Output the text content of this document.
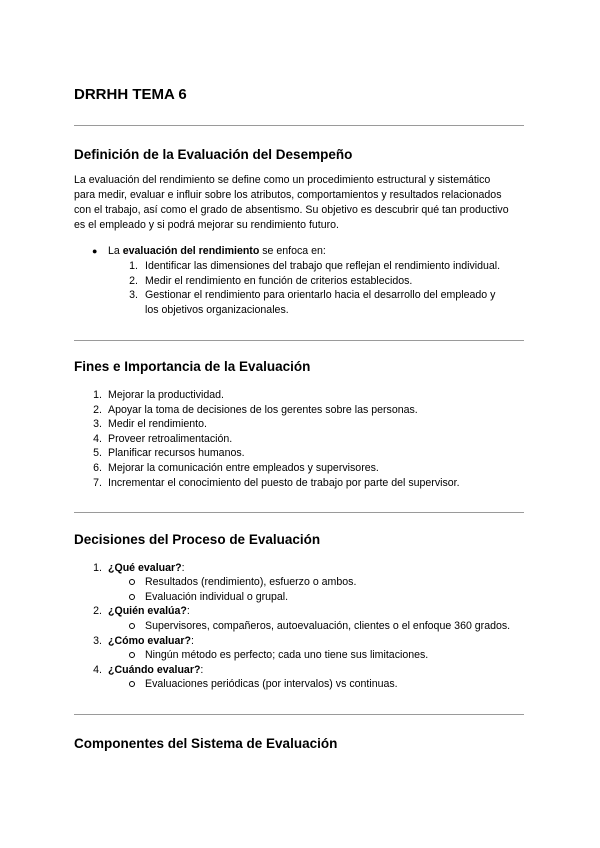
DRRHH TEMA 6
Definición de la Evaluación del Desempeño

La evaluación del rendimiento se define como un procedimiento estructural y sistemático
para medir, evaluar e influir sobre los atributos, comportamientos y resultados relacionados
con el trabajo, así como el grado de absentismo. Su objetivo es descubrir qué tan productivo
es el empleado y si podrá mejorar su rendimiento futuro.

● La evaluación del rendimiento se enfoca en:
1. Identificar las dimensiones del trabajo que reflejan el rendimiento individual.
2. Medir el rendimiento en función de criterios establecidos.
3. Gestionar el rendimiento para orientarlo hacia el desarrollo del empleado y
los objetivos organizacionales.
Fines e Importancia de la Evaluación
1. Mejorar la productividad.
2. Apoyar la toma de decisiones de los gerentes sobre las personas.
3. Medir el rendimiento.
4. Proveer retroalimentación.
5. Planificar recursos humanos.
6. Mejorar la comunicación entre empleados y supervisores.
7. Incrementar el conocimiento del puesto de trabajo por parte del supervisor.
Decisiones del Proceso de Evaluación
1. ¿Qué evaluar?:
Resultados (rendimiento), esfuerzo o ambos.
Evaluación individual o grupal.
2. ¿Quién evalúa?:
Supervisores, compañeros, autoevaluación, clientes o el enfoque 360 grados.
3. ¿Cómo evaluar?:
Ningún método es perfecto; cada uno tiene sus limitaciones.
4. ¿Cuándo evaluar?:
Evaluaciones periódicas (por intervalos) vs continuas.
Componentes del Sistema de Evaluación
